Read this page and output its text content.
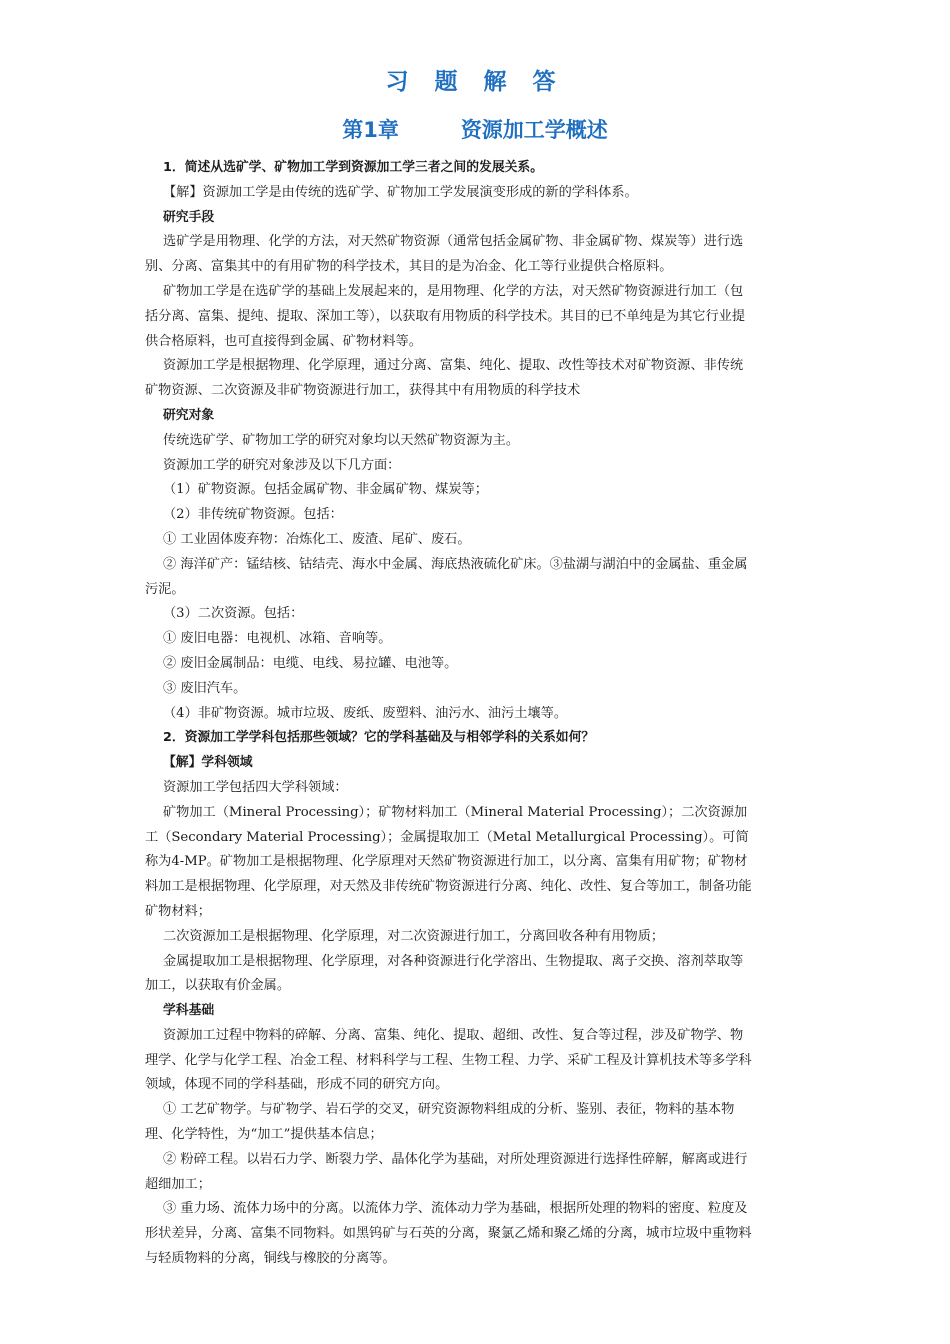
习 题 解 答
第1章	资源加工学概述

1．简述从选矿学、矿物加工学到资源加工学三者之间的发展关系。

【解】资源加工学是由传统的选矿学、矿物加工学发展演变形成的新的学科体系。

研究手段

选矿学是用物理、化学的方法，对天然矿物资源（通常包括金属矿物、非金属矿物、煤炭等）进行选

别、分离、富集其中的有用矿物的科学技术，其目的是为冶金、化工等行业提供合格原料。

矿物加工学是在选矿学的基础上发展起来的，是用物理、化学的方法，对天然矿物资源进行加工（包

括分离、富集、提纯、提取、深加工等），以获取有用物质的科学技术。其目的已不单纯是为其它行业提

供合格原料，也可直接得到金属、矿物材料等。

资源加工学是根据物理、化学原理，通过分离、富集、纯化、提取、改性等技术对矿物资源、非传统

矿物资源、二次资源及非矿物资源进行加工，获得其中有用物质的科学技术

研究对象

传统选矿学、矿物加工学的研究对象均以天然矿物资源为主。

资源加工学的研究对象涉及以下几方面：

（1）矿物资源。包括金属矿物、非金属矿物、煤炭等；

（2）非传统矿物资源。包括：

① 工业固体废弃物：冶炼化工、废渣、尾矿、废石。

② 海洋矿产：锰结核、钴结壳、海水中金属、海底热液硫化矿床。③盐湖与湖泊中的金属盐、重金属

污泥。

（3）二次资源。包括：

① 废旧电器：电视机、冰箱、音响等。

② 废旧金属制品：电缆、电线、易拉罐、电池等。

③ 废旧汽车。

（4）非矿物资源。城市垃圾、废纸、废塑料、油污水、油污土壤等。

2．资源加工学学科包括那些领域？它的学科基础及与相邻学科的关系如何？

【解】学科领域

资源加工学包括四大学科领域：

矿物加工（Mineral Processing）；矿物材料加工（Mineral Material Processing）；二次资源加

工（Secondary Material Processing）；金属提取加工（Metal Metallurgical Processing）。可简

称为4-MP。矿物加工是根据物理、化学原理对天然矿物资源进行加工，以分离、富集有用矿物；矿物材

料加工是根据物理、化学原理，对天然及非传统矿物资源进行分离、纯化、改性、复合等加工，制备功能

矿物材料；

二次资源加工是根据物理、化学原理，对二次资源进行加工，分离回收各种有用物质；

金属提取加工是根据物理、化学原理，对各种资源进行化学溶出、生物提取、离子交换、溶剂萃取等

加工，以获取有价金属。

学科基础

资源加工过程中物料的碎解、分离、富集、纯化、提取、超细、改性、复合等过程，涉及矿物学、物

理学、化学与化学工程、冶金工程、材料科学与工程、生物工程、力学、采矿工程及计算机技术等多学科

领域，体现不同的学科基础，形成不同的研究方向。

① 工艺矿物学。与矿物学、岩石学的交叉，研究资源物料组成的分析、鉴别、表征，物料的基本物

理、化学特性，为“加工”提供基本信息；

② 粉碎工程。以岩石力学、断裂力学、晶体化学为基础，对所处理资源进行选择性碎解，解离或进行

超细加工；

③ 重力场、流体力场中的分离。以流体力学、流体动力学为基础，根据所处理的物料的密度、粒度及

形状差异，分离、富集不同物料。如黑钨矿与石英的分离，聚氯乙烯和聚乙烯的分离，城市垃圾中重物料

与轻质物料的分离，铜线与橡胶的分离等。
